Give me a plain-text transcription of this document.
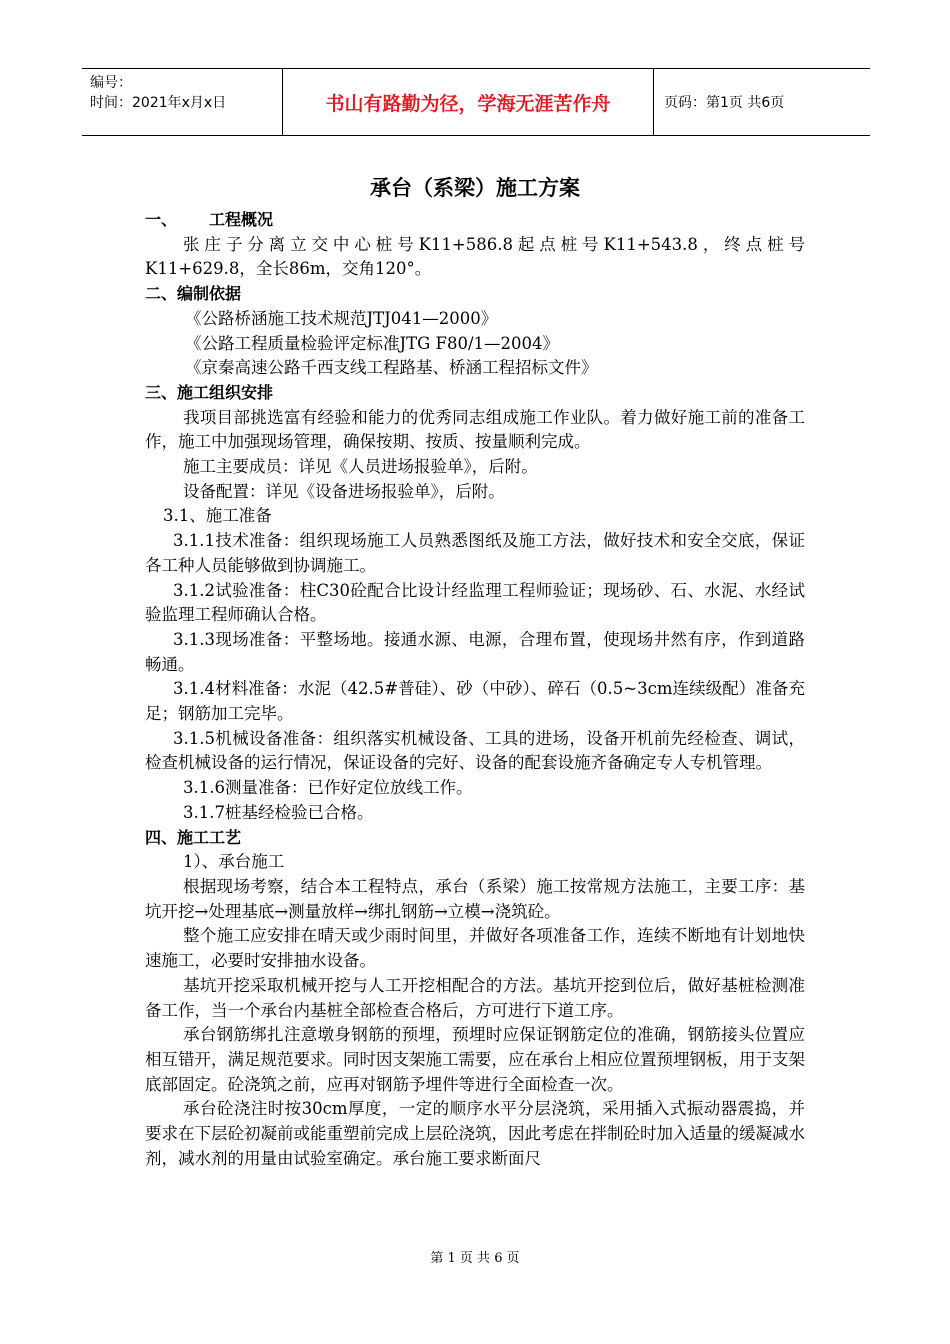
编号：
时间：2021年x月x日	书山有路勤为径，学海无涯苦作舟	页码：第1页 共6页
承台（系梁）施工方案

一、 工程概况

张庄子分离立交中心桩号K11+586.8起点桩号K11+543.8，终点桩号K11+629.8，全长86m，交角120°。

二、编制依据

《公路桥涵施工技术规范JTJ041—2000》

《公路工程质量检验评定标准JTG F80/1—2004》

《京秦高速公路千西支线工程路基、桥涵工程招标文件》

三、施工组织安排

我项目部挑选富有经验和能力的优秀同志组成施工作业队。着力做好施工前的准备工作，施工中加强现场管理，确保按期、按质、按量顺利完成。

施工主要成员：详见《人员进场报验单》，后附。

设备配置：详见《设备进场报验单》，后附。

3.1、施工准备

3.1.1技术准备：组织现场施工人员熟悉图纸及施工方法，做好技术和安全交底，保证各工种人员能够做到协调施工。

3.1.2试验准备：柱C30砼配合比设计经监理工程师验证；现场砂、石、水泥、水经试验监理工程师确认合格。

3.1.3现场准备：平整场地。接通水源、电源，合理布置，使现场井然有序，作到道路畅通。

3.1.4材料准备：水泥（42.5#普硅）、砂（中砂）、碎石（0.5~3cm连续级配）准备充足；钢筋加工完毕。

3.1.5机械设备准备：组织落实机械设备、工具的进场，设备开机前先经检查、调试，检查机械设备的运行情况，保证设备的完好、设备的配套设施齐备确定专人专机管理。

3.1.6测量准备：已作好定位放线工作。

3.1.7桩基经检验已合格。

四、施工工艺

1）、承台施工

根据现场考察，结合本工程特点，承台（系梁）施工按常规方法施工，主要工序：基坑开挖→处理基底→测量放样→绑扎钢筋→立模→浇筑砼。

整个施工应安排在晴天或少雨时间里，并做好各项准备工作，连续不断地有计划地快速施工，必要时安排抽水设备。

基坑开挖采取机械开挖与人工开挖相配合的方法。基坑开挖到位后，做好基桩检测准备工作，当一个承台内基桩全部检查合格后，方可进行下道工序。

承台钢筋绑扎注意墩身钢筋的预埋，预埋时应保证钢筋定位的准确，钢筋接头位置应相互错开，满足规范要求。同时因支架施工需要，应在承台上相应位置预埋钢板，用于支架底部固定。砼浇筑之前，应再对钢筋予埋件等进行全面检查一次。

承台砼浇注时按30cm厚度，一定的顺序水平分层浇筑，采用插入式振动器震捣，并要求在下层砼初凝前或能重塑前完成上层砼浇筑，因此考虑在拌制砼时加入适量的缓凝减水剂，减水剂的用量由试验室确定。承台施工要求断面尺

第 1 页 共 6 页
